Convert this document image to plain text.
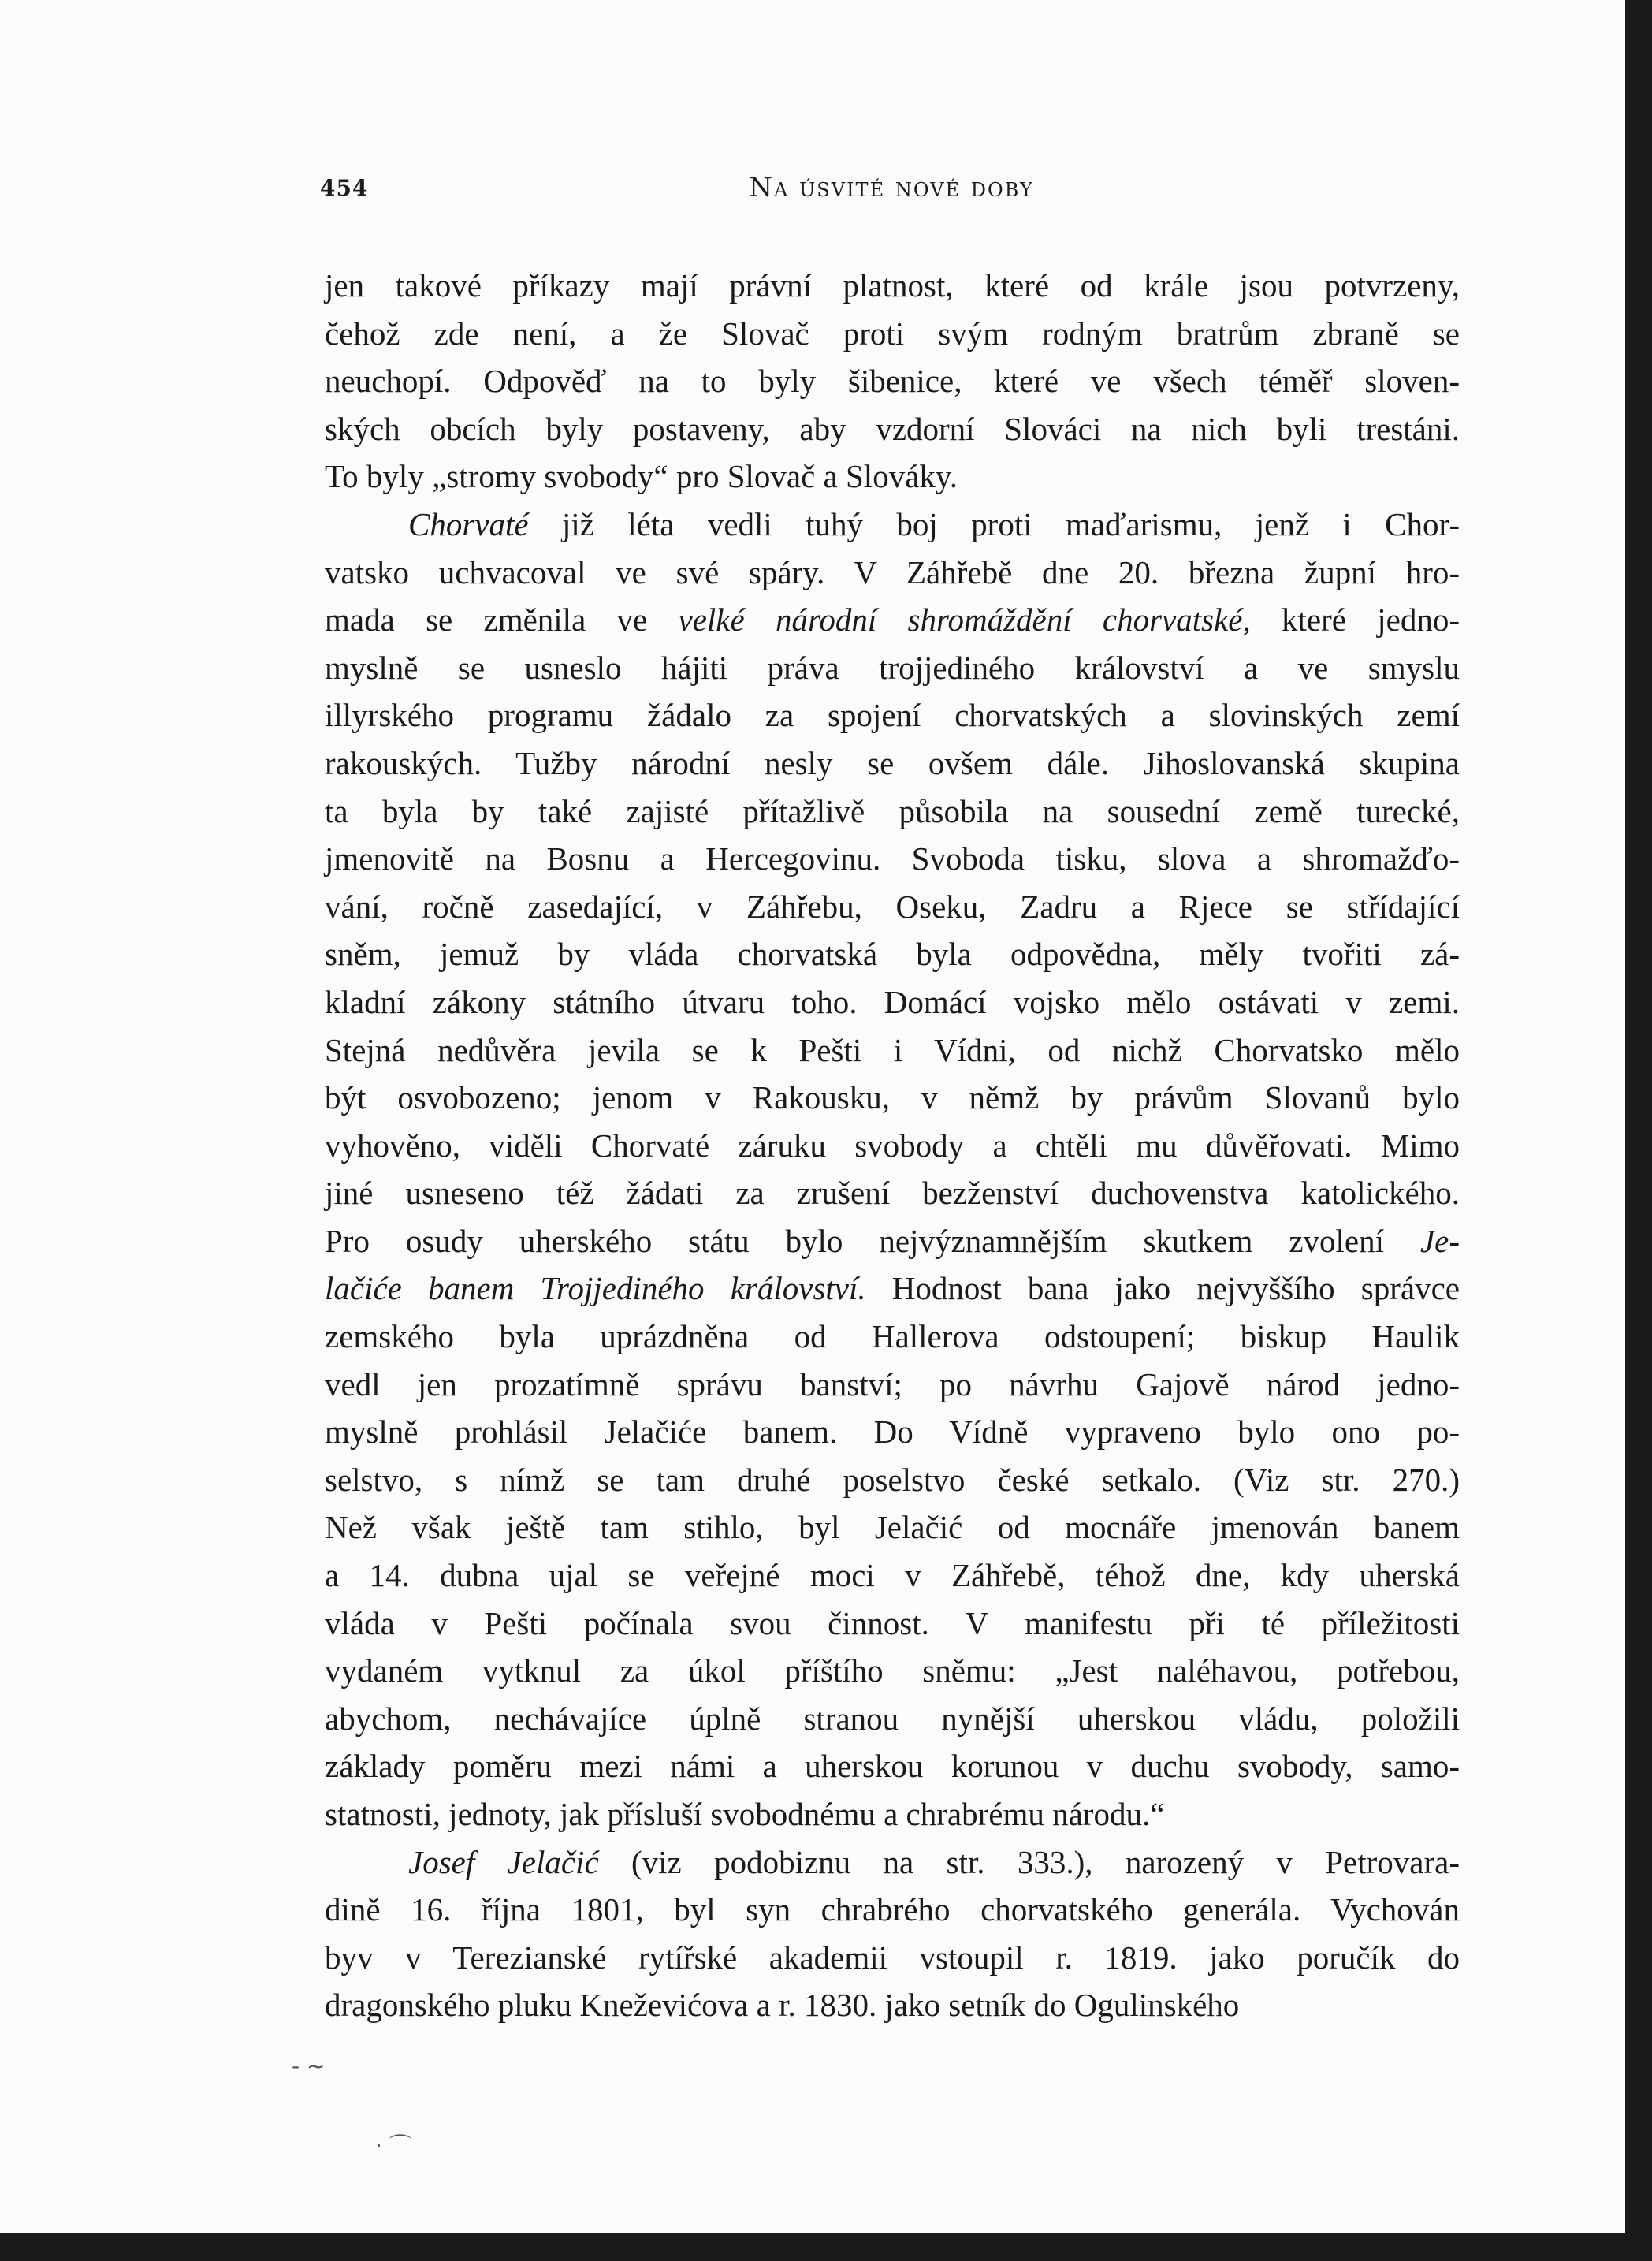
454	Na úsvité nové doby
jen takové příkazy mají právní platnost, které od krále jsou potvrzeny,
čehož zde není, a že Slovač proti svým rodným bratrům zbraně se
neuchopí. Odpověď na to byly šibenice, které ve všech téměř sloven-
ských obcích byly postaveny, aby vzdorní Slováci na nich byli trestáni.
To byly „stromy svobody“ pro Slovač a Slováky.
Chorvaté již léta vedli tuhý boj proti maďarismu, jenž i Chor-
vatsko uchvacoval ve své spáry. V Záhřebě dne 20. března župní hro-
mada se změnila ve velké národní shromáždění chorvatské, které jedno-
myslně se usneslo hájiti práva trojjediného království a ve smyslu
illyrského programu žádalo za spojení chorvatských a slovinských zemí
rakouských. Tužby národní nesly se ovšem dále. Jihoslovanská skupina
ta byla by také zajisté přítažlivě působila na sousední země turecké,
jmenovitě na Bosnu a Hercegovinu. Svoboda tisku, slova a shromažďo-
vání, ročně zasedající, v Záhřebu, Oseku, Zadru a Rjece se střídající
sněm, jemuž by vláda chorvatská byla odpovědna, měly tvořiti zá-
kladní zákony státního útvaru toho. Domácí vojsko mělo ostávati v zemi.
Stejná nedůvěra jevila se k Pešti i Vídni, od nichž Chorvatsko mělo
být osvobozeno; jenom v Rakousku, v němž by právům Slovanů bylo
vyhověno, viděli Chorvaté záruku svobody a chtěli mu důvěřovati. Mimo
jiné usneseno též žádati za zrušení bezženství duchovenstva katolického.
Pro osudy uherského státu bylo nejvýznamnějším skutkem zvolení Je-
lačiće banem Trojjediného království. Hodnost bana jako nejvyššího správce
zemského byla uprázdněna od Hallerova odstoupení; biskup Haulik
vedl jen prozatímně správu banství; po návrhu Gajově národ jedno-
myslně prohlásil Jelačiće banem. Do Vídně vypraveno bylo ono po-
selstvo, s nímž se tam druhé poselstvo české setkalo. (Viz str. 270.)
Než však ještě tam stihlo, byl Jelačić od mocnáře jmenován banem
a 14. dubna ujal se veřejné moci v Záhřebě, téhož dne, kdy uherská
vláda v Pešti počínala svou činnost. V manifestu při té příležitosti
vydaném vytknul za úkol příštího sněmu: „Jest naléhavou, potřebou,
abychom, nechávajíce úplně stranou nynější uherskou vládu, položili
základy poměru mezi námi a uherskou korunou v duchu svobody, samo-
statnosti, jednoty, jak přísluší svobodnému a chrabrému národu.“
Josef Jelačić (viz podobiznu na str. 333.), narozený v Petrovara-
dině 16. října 1801, byl syn chrabrého chorvatského generála. Vychován
byv v Terezianské rytířské akademii vstoupil r. 1819. jako poručík do
dragonského pluku Kneževićova a r. 1830. jako setník do Ogulinského
- ~
· ⌒
